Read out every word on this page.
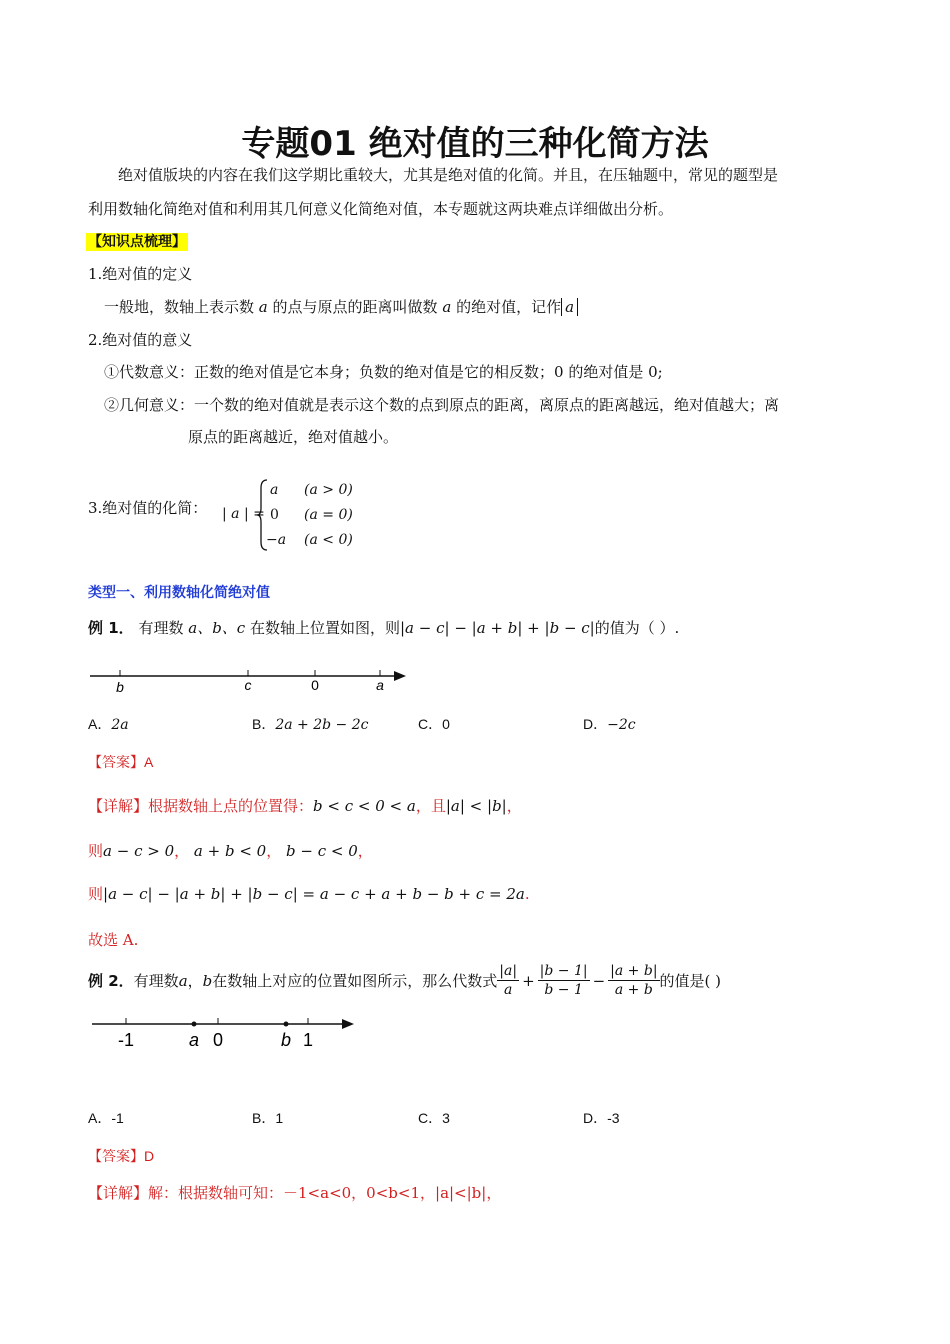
专题01 绝对值的三种化简方法
绝对值版块的内容在我们这学期比重较大，尤其是绝对值的化简。并且，在压轴题中，常见的题型是
利用数轴化简绝对值和利用其几何意义化简绝对值，本专题就这两块难点详细做出分析。
【知识点梳理】
1.绝对值的定义
一般地，数轴上表示数 a 的点与原点的距离叫做数 a 的绝对值，记作 a
2.绝对值的意义
①代数意义：正数的绝对值是它本身；负数的绝对值是它的相反数；0 的绝对值是 0;
②几何意义：一个数的绝对值就是表示这个数的点到原点的距离，离原点的距离越远，绝对值越大；离
原点的距离越近，绝对值越小。
3.绝对值的化简： | a | =
a (a > 0)
0 (a = 0)
−a (a < 0)
类型一、利用数轴化简绝对值
例 1． 有理数 a、b、c 在数轴上位置如图，则|a − c| − |a + b| + |b − c|的值为（ ）.
b	c	0	a
A．2a	B．2a + 2b − 2c	C．0	D．−2c
【答案】A
【详解】根据数轴上点的位置得：b < c < 0 < a，且|a| < |b|，
则a − c > 0， a + b < 0， b − c < 0，
则|a − c| − |a + b| + |b − c| = a − c + a + b − b + c = 2a.
故选 A.
例 2． 有理数 a ， b 在数轴上对应的位置如图所示，那么代数式 $\frac{|a|}{a} + \frac{|b - 1|}{b - 1} - \frac{|a + b|}{a + b}$ 的值是( )
-1	a 0	b 1
A．-1	B．1	C．3	D．-3
【答案】D
【详解】解：根据数轴可知：－1<a<0，0<b<1，|a|<|b|，
